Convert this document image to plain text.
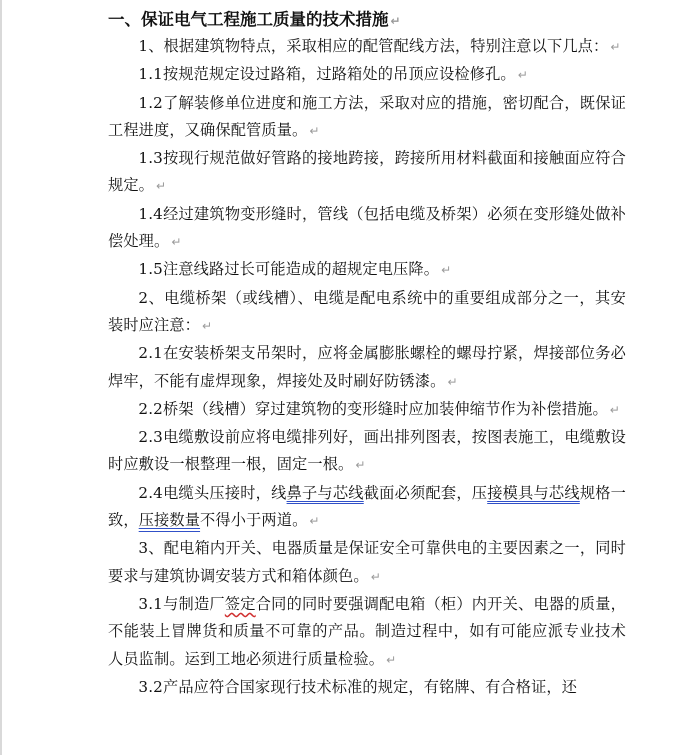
一、保证电气工程施工质量的技术措施 ↵

1、根据建筑物特点，采取相应的配管配线方法，特别注意以下几点： ↵

1.1按规范规定设过路箱，过路箱处的吊顶应设检修孔。 ↵

1.2了解装修单位进度和施工方法，采取对应的措施，密切配合，既保证工程进度，又确保配管质量。 ↵

1.3按现行规范做好管路的接地跨接，跨接所用材料截面和接触面应符合规定。 ↵

1.4经过建筑物变形缝时，管线（包括电缆及桥架）必须在变形缝处做补偿处理。 ↵

1.5注意线路过长可能造成的超规定电压降。 ↵

2、电缆桥架（或线槽）、电缆是配电系统中的重要组成部分之一，其安装时应注意： ↵

2.1在安装桥架支吊架时，应将金属膨胀螺栓的螺母拧紧，焊接部位务必焊牢，不能有虚焊现象，焊接处及时刷好防锈漆。 ↵

2.2桥架（线槽）穿过建筑物的变形缝时应加装伸缩节作为补偿措施。 ↵

2.3电缆敷设前应将电缆排列好，画出排列图表，按图表施工，电缆敷设时应敷设一根整理一根，固定一根。 ↵

2.4电缆头压接时，线鼻子与芯线截面必须配套，压接模具与芯线规格一致，压接数量不得小于两道。 ↵

3、配电箱内开关、电器质量是保证安全可靠供电的主要因素之一，同时要求与建筑协调安装方式和箱体颜色。 ↵

3.1与制造厂签定合同的同时要强调配电箱（柜）内开关、电器的质量，不能装上冒牌货和质量不可靠的产品。制造过程中，如有可能应派专业技术人员监制。运到工地必须进行质量检验。 ↵

3.2产品应符合国家现行技术标准的规定，有铭牌、有合格证，还
